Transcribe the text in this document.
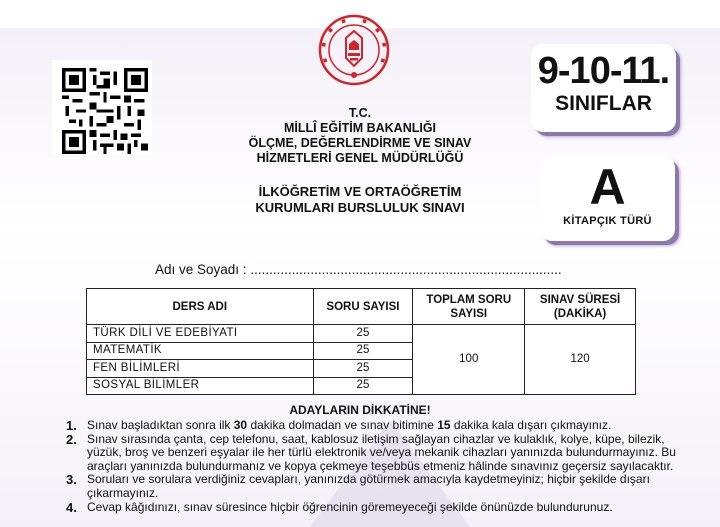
T.C.
MİLLÎ EĞİTİM BAKANLIĞI
ÖLÇME, DEĞERLENDİRME VE SINAV
HİZMETLERİ GENEL MÜDÜRLÜĞÜ
İLKÖĞRETİM VE ORTAÖĞRETİM
KURUMLARI BURSLULUK SINAVI
9-10-11.
SINIFLAR
A
KİTAPÇIK TÜRÜ
Adı ve Soyadı : ...................................................................................
DERS ADI	SORU SAYISI	TOPLAM SORU SAYISI	SINAV SÜRESİ (DAKİKA)
TÜRK DİLİ VE EDEBİYATI	25	100	120
MATEMATİK	25		
FEN BİLİMLERİ	25		
SOSYAL BİLİMLER	25		
ADAYLARIN DİKKATİNE!
1. Sınav başladıktan sonra ilk 30 dakika dolmadan ve sınav bitimine 15 dakika kala dışarı çıkmayınız.
2. Sınav sırasında çanta, cep telefonu, saat, kablosuz iletişim sağlayan cihazlar ve kulaklık, kolye, küpe, bilezik, yüzük, broş ve benzeri eşyalar ile her türlü elektronik ve/veya mekanik cihazları yanınızda bulundurmayınız. Bu araçları yanınızda bulundurmanız ve kopya çekmeye teşebbüs etmeniz hâlinde sınavınız geçersiz sayılacaktır.
3. Soruları ve sorulara verdiğiniz cevapları, yanınızda götürmek amacıyla kaydetmeyiniz; hiçbir şekilde dışarı çıkarmayınız.
4. Cevap kâğıdınızı, sınav süresince hiçbir öğrencinin göremeyeceği şekilde önünüzde bulundurunuz.
